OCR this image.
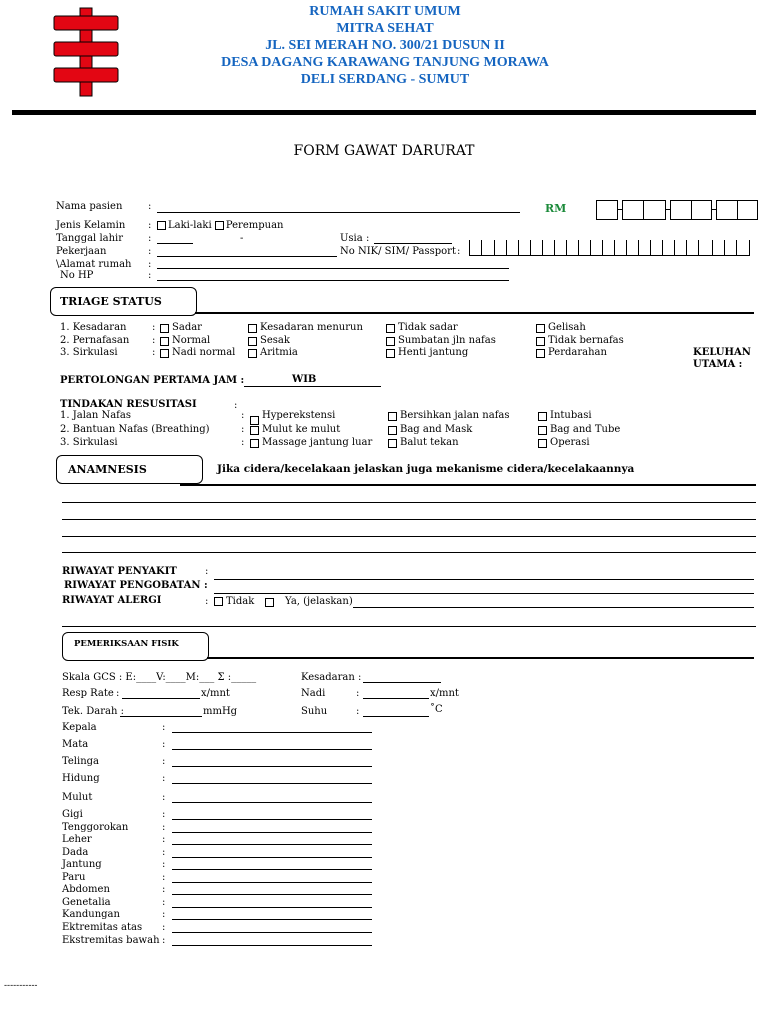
RUMAH SAKIT UMUM
MITRA SEHAT
JL. SEI MERAH NO. 300/21 DUSUN II
DESA DAGANG KARAWANG TANJUNG MORAWA
DELI SERDANG - SUMUT
FORM GAWAT DARURAT
Nama pasien	:	RM
Jenis Kelamin :	Laki-laki Perempuan
Tanggal lahir :	-	Usia :
Pekerjaan	:	No NIK/ SIM/ Passport :
\Alamat rumah :
No HP	:
TRIAGE STATUS
1. Kesadaran	: Sadar	Kesadaran menurun	Tidak sadar	Gelisah
2. Pernafasan : Normal	Sesak	Sumbatan jln nafas	Tidak bernafas
3. Sirkulasi	: Nadi normal Aritmia	Henti jantung	Perdarahan	KELUHAN
UTAMA :
PERTOLONGAN PERTAMA JAM :	WIB
TINDAKAN RESUSITASI	:
1. Jalan Nafas	: Hyperekstensi	Bersihkan jalan nafas	Intubasi
2. Bantuan Nafas (Breathing)	: Mulut ke mulut	Bag and Mask	Bag and Tube
3. Sirkulasi	: Massage jantung luar	Balut tekan	Operasi
ANAMNESIS	Jika cidera/kecelakaan jelaskan juga mekanisme cidera/kecelakaannya
RIWAYAT PENYAKIT	:
RIWAYAT PENGOBATAN :
RIWAYAT ALERGI	: Tidak	Ya, (jelaskan)
PEMERIKSAAN FISIK
Skala GCS : E:____V:____M:___ Σ :_____	Kesadaran :
Resp Rate :	x/mnt	Nadi	:	x/mnt
Tek. Darah :	mmHg	Suhu	:	˚C
Kepala	:
Mata	:
Telinga	:
Hidung	:
Mulut	:
Gigi	:
Tenggorokan	:
Leher	:
Dada	:
Jantung	:
Paru	:
Abdomen	:
Genetalia	:
Kandungan	:
Ektremitas atas :
Ekstremitas bawah :
-----------
